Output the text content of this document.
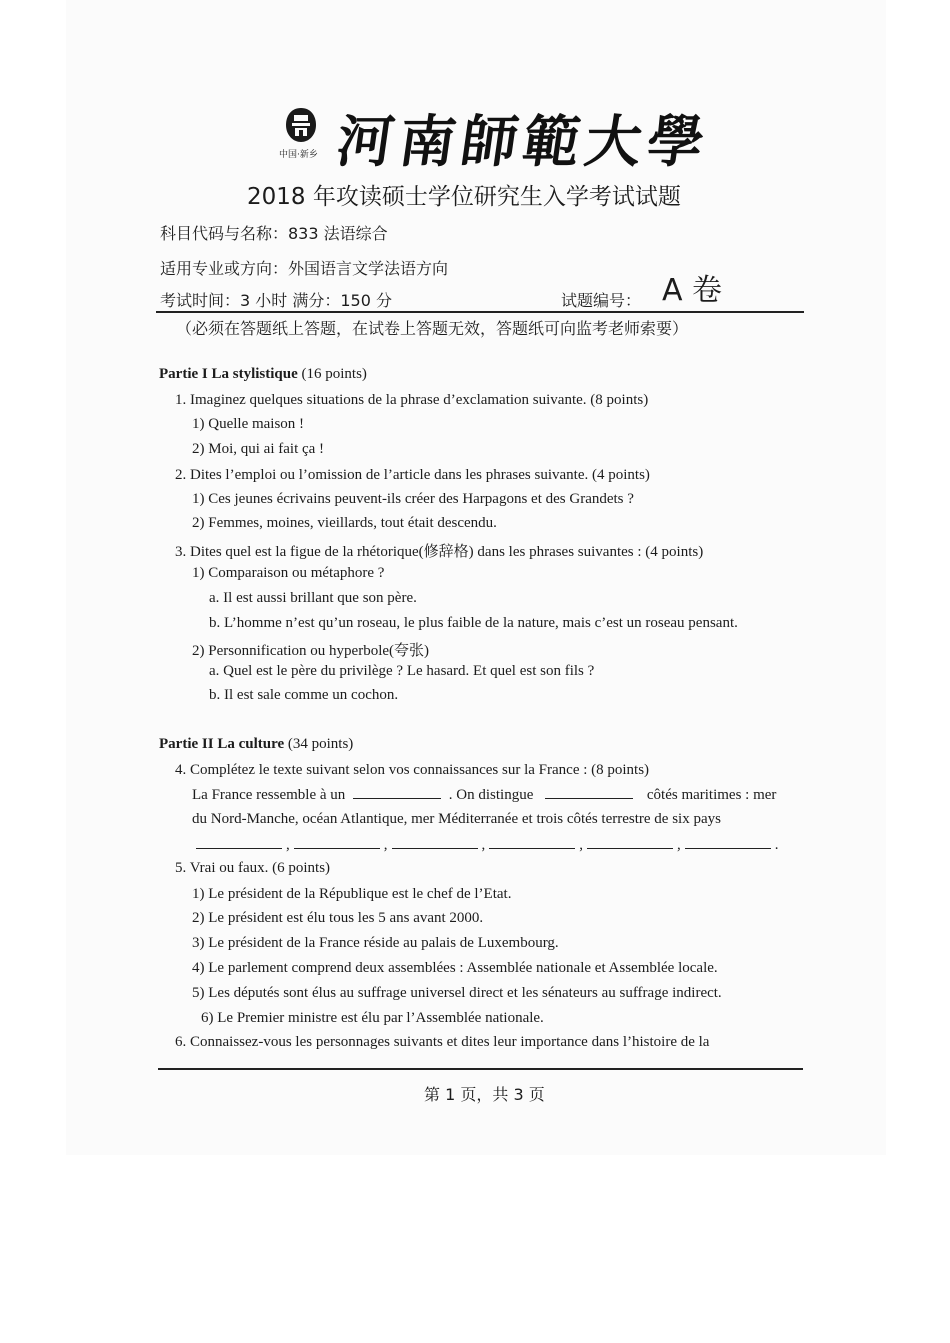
中国·新乡 河南師範大學
2018 年攻读硕士学位研究生入学考试试题
科目代码与名称：833 法语综合
适用专业或方向：外国语言文学法语方向
考试时间：3 小时 满分：150 分	试题编号： A 卷
（必须在答题纸上答题，在试卷上答题无效，答题纸可向监考老师索要）
Partie I La stylistique (16 points)
1. Imaginez quelques situations de la phrase d’exclamation suivante. (8 points)
1) Quelle maison !
2) Moi, qui ai fait ça !
2. Dites l’emploi ou l’omission de l’article dans les phrases suivante. (4 points)
1) Ces jeunes écrivains peuvent-ils créer des Harpagons et des Grandets ?
2) Femmes, moines, vieillards, tout était descendu.
3. Dites quel est la figue de la rhétorique(修辞格) dans les phrases suivantes : (4 points)
1) Comparaison ou métaphore ?
a. Il est aussi brillant que son père.
b. L’homme n’est qu’un roseau, le plus faible de la nature, mais c’est un roseau pensant.
2) Personnification ou hyperbole(夸张)
a. Quel est le père du privilège ? Le hasard. Et quel est son fils ?
b. Il est sale comme un cochon.
Partie II La culture (34 points)
4. Complétez le texte suivant selon vos connaissances sur la France : (8 points)
La France ressemble à un	. On distingue	côtés maritimes : mer
du Nord-Manche, océan Atlantique, mer Méditerranée et trois côtés terrestre de six pays
,	,	,	,	,	.
5. Vrai ou faux. (6 points)
1) Le président de la République est le chef de l’Etat.
2) Le président est élu tous les 5 ans avant 2000.
3) Le président de la France réside au palais de Luxembourg.
4) Le parlement comprend deux assemblées : Assemblée nationale et Assemblée locale.
5) Les députés sont élus au suffrage universel direct et les sénateurs au suffrage indirect.
6) Le Premier ministre est élu par l’Assemblée nationale.
6. Connaissez-vous les personnages suivants et dites leur importance dans l’histoire de la
第 1 页，共 3 页
